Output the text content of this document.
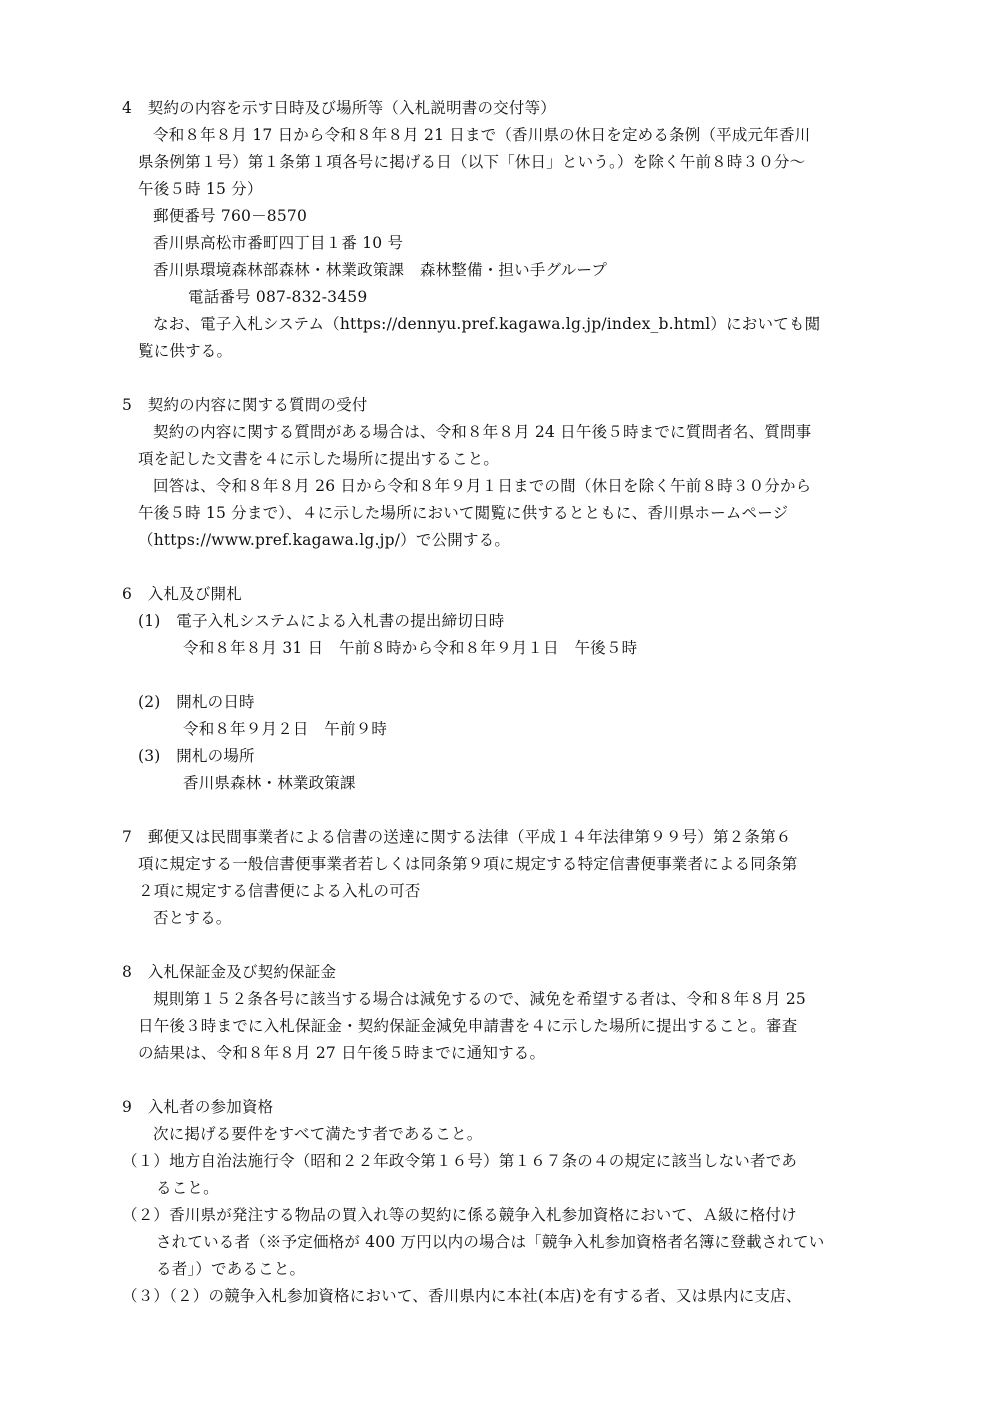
4　契約の内容を示す日時及び場所等（入札説明書の交付等）
令和８年８月 17 日から令和８年８月 21 日まで（香川県の休日を定める条例（平成元年香川
県条例第１号）第１条第１項各号に掲げる日（以下「休日」という。）を除く午前８時３０分～
午後５時 15 分）
郵便番号 760－8570
香川県高松市番町四丁目１番 10 号
香川県環境森林部森林・林業政策課　森林整備・担い手グループ
電話番号 087-832-3459
なお、電子入札システム（https://dennyu.pref.kagawa.lg.jp/index_b.html）においても閲
覧に供する。
5　契約の内容に関する質問の受付
契約の内容に関する質問がある場合は、令和８年８月 24 日午後５時までに質問者名、質問事
項を記した文書を４に示した場所に提出すること。
回答は、令和８年８月 26 日から令和８年９月１日までの間（休日を除く午前８時３０分から
午後５時 15 分まで）、４に示した場所において閲覧に供するとともに、香川県ホームページ
（https://www.pref.kagawa.lg.jp/）で公開する。
6　入札及び開札
(1)　電子入札システムによる入札書の提出締切日時
令和８年８月 31 日　午前８時から令和８年９月１日　午後５時
(2)　開札の日時
令和８年９月２日　午前９時
(3)　開札の場所
香川県森林・林業政策課
7　郵便又は民間事業者による信書の送達に関する法律（平成１４年法律第９９号）第２条第６
項に規定する一般信書便事業者若しくは同条第９項に規定する特定信書便事業者による同条第
２項に規定する信書便による入札の可否
否とする。
8　入札保証金及び契約保証金
規則第１５２条各号に該当する場合は減免するので、減免を希望する者は、令和８年８月 25
日午後３時までに入札保証金・契約保証金減免申請書を４に示した場所に提出すること。審査
の結果は、令和８年８月 27 日午後５時までに通知する。
9　入札者の参加資格
次に掲げる要件をすべて満たす者であること。
（１）地方自治法施行令（昭和２２年政令第１６号）第１６７条の４の規定に該当しない者であ
ること。
（２）香川県が発注する物品の買入れ等の契約に係る競争入札参加資格において、Ａ級に格付け
されている者（※予定価格が 400 万円以内の場合は「競争入札参加資格者名簿に登載されてい
る者」）であること。
（３）（２）の競争入札参加資格において、香川県内に本社(本店)を有する者、又は県内に支店、
